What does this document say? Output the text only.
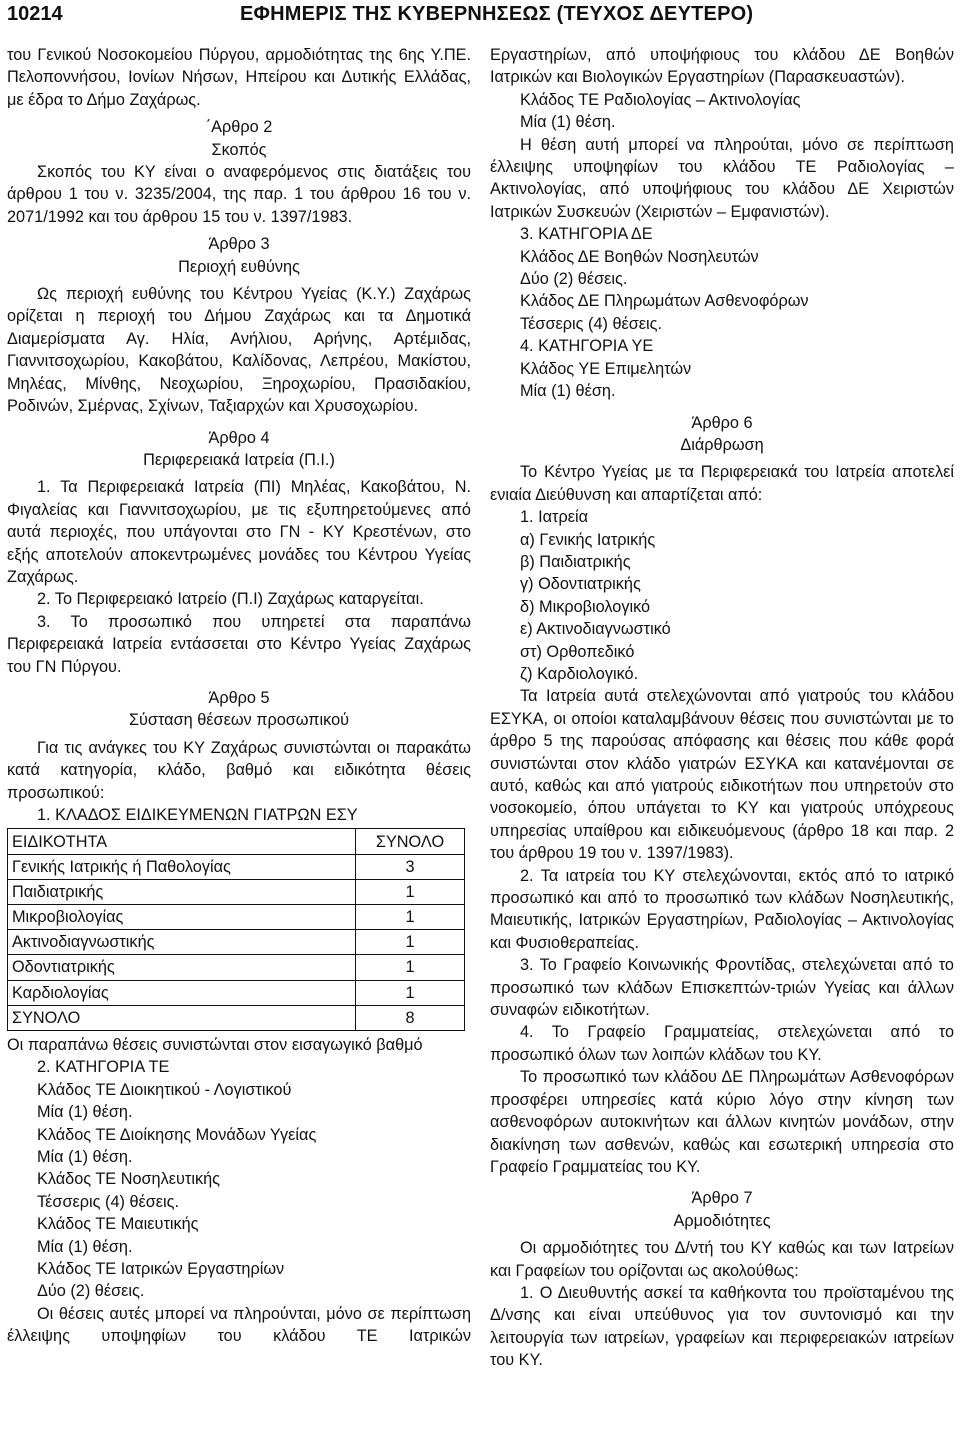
10214	ΕΦΗΜΕΡΙΣ ΤΗΣ ΚΥΒΕΡΝΗΣΕΩΣ (ΤΕΥΧΟΣ ΔΕΥΤΕΡΟ)

του Γενικού Νοσοκομείου Πύργου, αρμοδιότητας της 6ης Υ.ΠΕ. Πελοποννήσου, Ιονίων Νήσων, Ηπείρου και Δυτικής Ελλάδας, με έδρα το Δήμο Ζαχάρως.

΄Αρθρο 2

Σκοπός

Σκοπός του ΚΥ είναι ο αναφερόμενος στις διατάξεις του άρθρου 1 του ν. 3235/2004, της παρ. 1 του άρθρου 16 του ν. 2071/1992 και του άρθρου 15 του ν. 1397/1983.

Άρθρο 3

Περιοχή ευθύνης

Ως περιοχή ευθύνης του Κέντρου Υγείας (Κ.Υ.) Ζαχάρως ορίζεται η περιοχή του Δήμου Ζαχάρως και τα Δημοτικά Διαμερίσματα Αγ. Ηλία, Ανήλιου, Αρήνης, Αρτέμιδας, Γιαννιτσοχωρίου, Κακοβάτου, Καλίδονας, Λεπρέου, Μακίστου, Μηλέας, Μίνθης, Νεοχωρίου, Ξηροχωρίου, Πρασιδακίου, Ροδινών, Σμέρνας, Σχίνων, Ταξιαρχών και Χρυσοχωρίου.

Άρθρο 4

Περιφερειακά Ιατρεία (Π.Ι.)

1. Τα Περιφερειακά Ιατρεία (ΠΙ) Μηλέας, Κακοβάτου, Ν. Φιγαλείας και Γιαννιτσοχωρίου, με τις εξυπηρετούμενες από αυτά περιοχές, που υπάγονται στο ΓΝ - ΚΥ Κρεστένων, στο εξής αποτελούν αποκεντρωμένες μονάδες του Κέντρου Υγείας Ζαχάρως.

2. Το Περιφερειακό Ιατρείο (Π.Ι) Ζαχάρως καταργείται.

3. Το προσωπικό που υπηρετεί στα παραπάνω Περιφερειακά Ιατρεία εντάσσεται στο Κέντρο Υγείας Ζαχάρως του ΓΝ Πύργου.

Άρθρο 5

Σύσταση θέσεων προσωπικού

Για τις ανάγκες του ΚΥ Ζαχάρως συνιστώνται οι παρακάτω κατά κατηγορία, κλάδο, βαθμό και ειδικότητα θέσεις προσωπικού:

1. ΚΛΑΔΟΣ ΕΙΔΙΚΕΥΜΕΝΩΝ ΓΙΑΤΡΩΝ ΕΣΥ

ΕΙΔΙΚΟΤΗΤΑ	ΣΥΝΟΛΟ
Γενικής Ιατρικής ή Παθολογίας	3
Παιδιατρικής	1
Μικροβιολογίας	1
Ακτινοδιαγνωστικής	1
Οδοντιατρικής	1
Καρδιολογίας	1
ΣΥΝΟΛΟ	8

Οι παραπάνω θέσεις συνιστώνται στον εισαγωγικό βαθμό

2. ΚΑΤΗΓΟΡΙΑ ΤΕ

Κλάδος ΤΕ Διοικητικού - Λογιστικού

Μία (1) θέση.

Κλάδος ΤΕ Διοίκησης Μονάδων Υγείας

Μία (1) θέση.

Κλάδος ΤΕ Νοσηλευτικής

Τέσσερις (4) θέσεις.

Κλάδος ΤΕ Μαιευτικής

Μία (1) θέση.

Κλάδος ΤΕ Ιατρικών Εργαστηρίων

Δύο (2) θέσεις.

Οι θέσεις αυτές μπορεί να πληρούνται, μόνο σε περίπτωση έλλειψης υποψηφίων του κλάδου ΤΕ Ιατρικών

Εργαστηρίων, από υποψήφιους του κλάδου ΔΕ Βοηθών Ιατρικών και Βιολογικών Εργαστηρίων (Παρασκευαστών).

Κλάδος ΤΕ Ραδιολογίας – Ακτινολογίας

Μία (1) θέση.

Η θέση αυτή μπορεί να πληρούται, μόνο σε περίπτωση έλλειψης υποψηφίων του κλάδου ΤΕ Ραδιολογίας – Ακτινολογίας, από υποψήφιους του κλάδου ΔΕ Χειριστών Ιατρικών Συσκευών (Χειριστών – Εμφανιστών).

3. ΚΑΤΗΓΟΡΙΑ ΔΕ

Κλάδος ΔΕ Βοηθών Νοσηλευτών

Δύο (2) θέσεις.

Κλάδος ΔΕ Πληρωμάτων Ασθενοφόρων

Τέσσερις (4) θέσεις.

4. ΚΑΤΗΓΟΡΙΑ ΥΕ

Κλάδος ΥΕ Επιμελητών

Μία (1) θέση.

Άρθρο 6

Διάρθρωση

Το Κέντρο Υγείας με τα Περιφερειακά του Ιατρεία αποτελεί ενιαία Διεύθυνση και απαρτίζεται από:

1. Ιατρεία

α) Γενικής Ιατρικής

β) Παιδιατρικής

γ) Οδοντιατρικής

δ) Μικροβιολογικό

ε) Ακτινοδιαγνωστικό

στ) Ορθοπεδικό

ζ) Καρδιολογικό.

Τα Ιατρεία αυτά στελεχώνονται από γιατρούς του κλάδου ΕΣΥΚΑ, οι οποίοι καταλαμβάνουν θέσεις που συνιστώνται με το άρθρο 5 της παρούσας απόφασης και θέσεις που κάθε φορά συνιστώνται στον κλάδο γιατρών ΕΣΥΚΑ και κατανέμονται σε αυτό, καθώς και από γιατρούς ειδικοτήτων που υπηρετούν στο νοσοκομείο, όπου υπάγεται το ΚΥ και γιατρούς υπόχρεους υπηρεσίας υπαίθρου και ειδικευόμενους (άρθρο 18 και παρ. 2 του άρθρου 19 του ν. 1397/1983).

2. Τα ιατρεία του ΚΥ στελεχώνονται, εκτός από το ιατρικό προσωπικό και από το προσωπικό των κλάδων Νοσηλευτικής, Μαιευτικής, Ιατρικών Εργαστηρίων, Ραδιολογίας – Ακτινολογίας και Φυσιοθεραπείας.

3. Το Γραφείο Κοινωνικής Φροντίδας, στελεχώνεται από το προσωπικό των κλάδων Επισκεπτών-τριών Υγείας και άλλων συναφών ειδικοτήτων.

4. Το Γραφείο Γραμματείας, στελεχώνεται από το προσωπικό όλων των λοιπών κλάδων του ΚΥ.

Το προσωπικό των κλάδου ΔΕ Πληρωμάτων Ασθενοφόρων προσφέρει υπηρεσίες κατά κύριο λόγο στην κίνηση των ασθενοφόρων αυτοκινήτων και άλλων κινητών μονάδων, στην διακίνηση των ασθενών, καθώς και εσωτερική υπηρεσία στο Γραφείο Γραμματείας του ΚΥ.

Άρθρο 7

Αρμοδιότητες

Οι αρμοδιότητες του Δ/ντή του ΚΥ καθώς και των Ιατρείων και Γραφείων του ορίζονται ως ακολούθως:

1. Ο Διευθυντής ασκεί τα καθήκοντα του προϊσταμένου της Δ/νσης και είναι υπεύθυνος για τον συντονισμό και την λειτουργία των ιατρείων, γραφείων και περιφερειακών ιατρείων του ΚΥ.
